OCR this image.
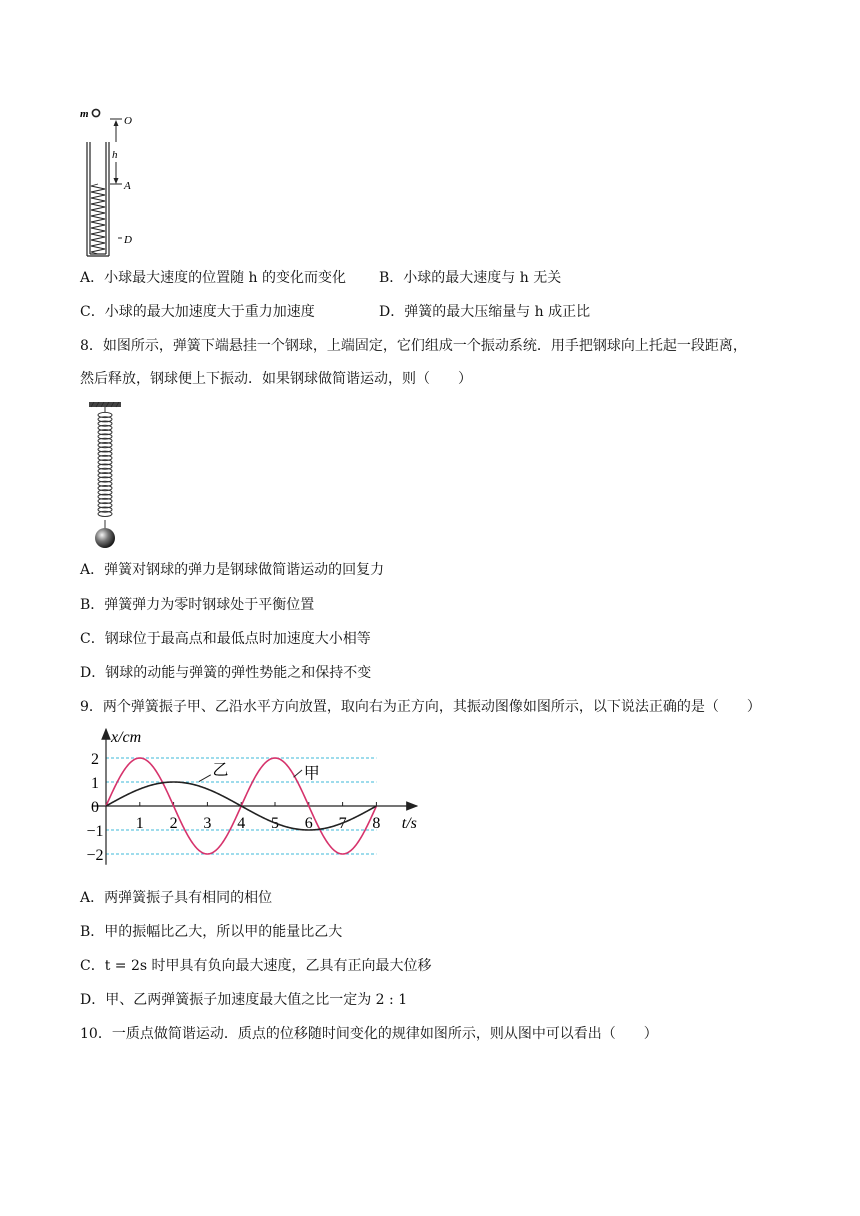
m
O
h
A
D
A．小球最大速度的位置随 h 的变化而变化 B．小球的最大速度与 h 无关
C．小球的最大加速度大于重力加速度	D．弹簧的最大压缩量与 h 成正比
8．如图所示，弹簧下端悬挂一个钢球，上端固定，它们组成一个振动系统．用手把钢球向上托起一段距离，
然后释放，钢球便上下振动．如果钢球做简谐运动，则（　　）
A．弹簧对钢球的弹力是钢球做简谐运动的回复力
B．弹簧弹力为零时钢球处于平衡位置
C．钢球位于最高点和最低点时加速度大小相等
D．钢球的动能与弹簧的弹性势能之和保持不变
9．两个弹簧振子甲、乙沿水平方向放置，取向右为正方向，其振动图像如图所示，以下说法正确的是（　　）
2
1
0
−1
−2
1 2 3 4 5 6 7 8
x/cm
t/s
甲
乙
A．两弹簧振子具有相同的相位
B．甲的振幅比乙大，所以甲的能量比乙大
C．t = 2s 时甲具有负向最大速度，乙具有正向最大位移
D．甲、乙两弹簧振子加速度最大值之比一定为 2 : 1
10．一质点做简谐运动．质点的位移随时间变化的规律如图所示，则从图中可以看出（　　）
